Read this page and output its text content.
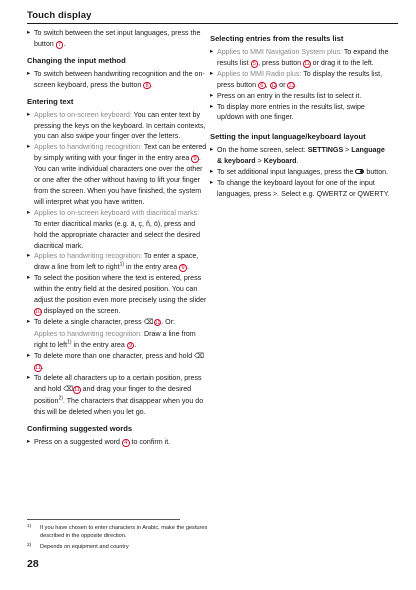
Touch display

▸ To switch between the set input languages, press the button 7 .

Changing the input method

▸ To switch between handwriting recognition and the on-screen keyboard, press the button 8 .

Entering text

▸ Applies to on-screen keyboard: You can enter text by pressing the keys on the keyboard. In certain contexts, you can also swipe your finger over the letters.

▸ Applies to handwriting recognition: Text can be entered by simply writing with your finger in the entry area 9 . You can write individual characters one over the other or one after the other without having to lift your finger from the screen. When you have finished, the system will interpret what you have written.

▸ Applies to on-screen keyboard with diacritical marks: To enter diacritical marks (e.g. ä, ç, ñ, ö), press and hold the appropriate character and select the desired diacritical mark.

▸ Applies to handwriting recognition: To enter a space, draw a line from left to right$^{1)}$ in the entry area 9 .

▸ To select the position where the text is entered, press within the entry field at the desired position. You can adjust the position even more precisely using the slider 10 displayed on the screen.

▸ To delete a single character, press ⌫11. Or:
Applies to handwriting recognition: Draw a line from right to left$^{1)}$ in the entry area 9 .

▸ To delete more than one character, press and hold ⌫11.

▸ To delete all characters up to a certain position, press and hold ⌫11 and drag your finger to the desired position$^{2)}$. The characters that disappear when you do this will be deleted when you let go.

Confirming suggested words

▸ Press on a suggested word 4 to confirm it.

Selecting entries from the results list

▸ Applies to MMI Navigation System plus: To expand the results list 5 , press button 12 or drag it to the left.

▸ Applies to MMI Radio plus: To display the results list, press button 6 , 12 or 13.

▸ Press on an entry in the results list to select it.

▸ To display more entries in the results list, swipe up/down with one finger.

Setting the input language/keyboard layout

▸ On the home screen, select: SETTINGS > Language & keyboard > Keyboard.

▸ To set additional input languages, press the  button.

▸ To change the keyboard layout for one of the input languages, press >. Select e.g. QWERTZ or QWERTY.

1) If you have chosen to enter characters in Arabic, make the gestures described in the opposite direction.
2) Depends on equipment and country
28
